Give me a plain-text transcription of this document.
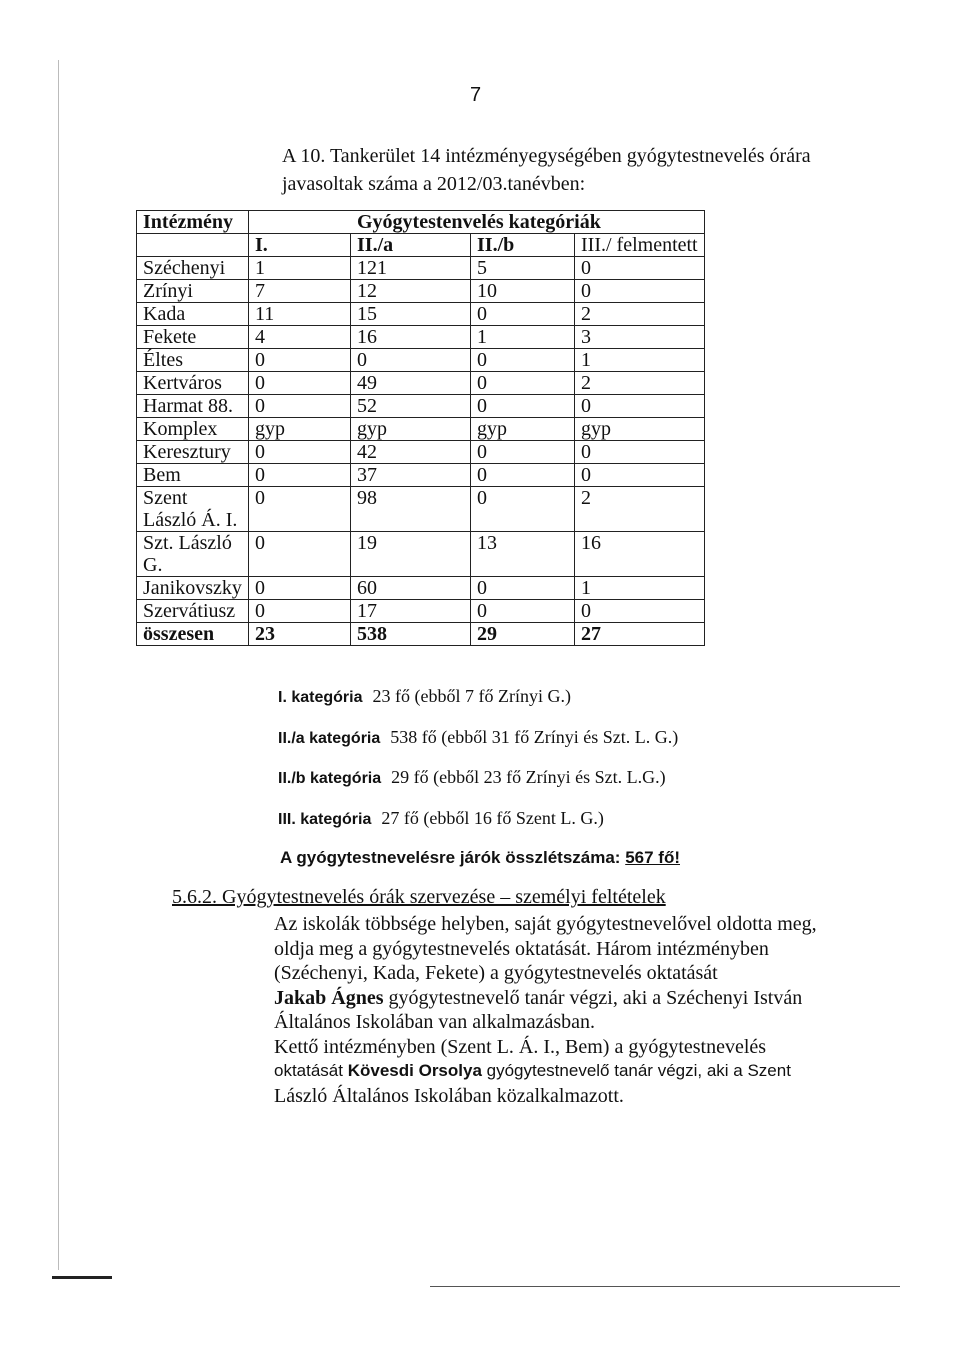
7
A 10. Tankerület 14 intézményegységében gyógytestnevelés órára
javasoltak száma a 2012/03.tanévben:
Intézmény	Gyógytestenvelés kategóriák			
	I.	II./a	II./b	III./ felmentett
Széchenyi	1	121	5	0
Zrínyi	7	12	10	0
Kada	11	15	0	2
Fekete	4	16	1	3
Éltes	0	0	0	1
Kertváros	0	49	0	2
Harmat 88.	0	52	0	0
Komplex	gyp	gyp	gyp	gyp
Keresztury	0	42	0	0
Bem	0	37	0	0

Szent
László Á. I.	0	98	0	2

Szt. László
G.	0	19	13	16
Janikovszky	0	60	0	1
Szervátiusz	0	17	0	0
összesen	23	538	29	27
I. kategória 23 fő (ebből 7 fő Zrínyi G.)
II./a kategória 538 fő (ebből 31 fő Zrínyi és Szt. L. G.)
II./b kategória 29 fő (ebből 23 fő Zrínyi és Szt. L.G.)
III. kategória 27 fő (ebből 16 fő Szent L. G.)
A gyógytestnevelésre járók összlétszáma: 567 fő!
5.6.2. Gyógytestnevelés órák szervezése – személyi feltételek
Az iskolák többsége helyben, saját gyógytestnevelővel oldotta meg,
oldja meg a gyógytestnevelés oktatását. Három intézményben
(Széchenyi, Kada, Fekete) a gyógytestnevelés oktatását
Jakab Ágnes gyógytestnevelő tanár végzi, aki a Széchenyi István
Általános Iskolában van alkalmazásban.
Kettő intézményben (Szent L. Á. I., Bem) a gyógytestnevelés
oktatását Kövesdi Orsolya gyógytestnevelő tanár végzi, aki a Szent
László Általános Iskolában közalkalmazott.
